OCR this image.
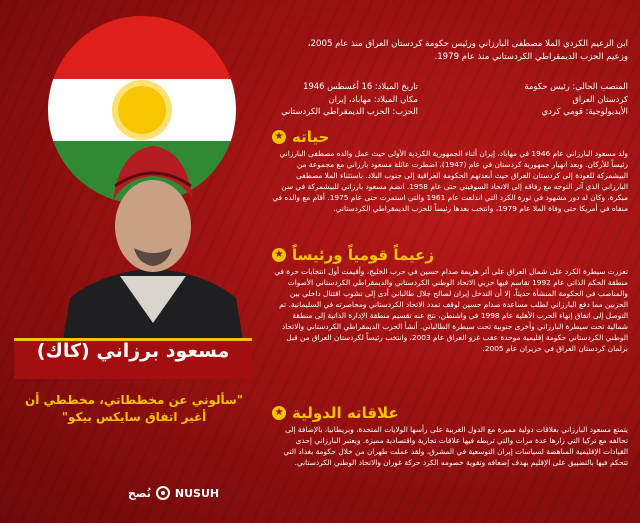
ابن الزعيم الكردي الملا مصطفى البارزاني ورئيس حكومة كردستان العراق منذ عام 2005، وزعيم الحزب الديمقراطي الكردستاني منذ عام 1979.
تاريخ الميلاد: 16 أغسطس 1946
مكان الميلاد: مهاباد، إيران
الحزب: الحزب الديمقراطي الكردستاني
المنصب الحالي: رئيس حكومة
كردستان العراق
الأيديولوجية: قومي كردي
★ حياته
ولد مسعود البارزاني عام 1946 في مهاباد، إيران أثناء الجمهورية الكردية الأولى حيث عمل والده مصطفى البارزاني رئيساً للأركان. وبعد انهيار جمهورية كردستان في عام (1947)، اضطرت عائلة مسعود بارزاني مع مجموعة من البيشمركة للعودة إلى كردستان العراق حيث أبعدتهم الحكومة العراقية إلى جنوب البلاد. باستثناء الملا مصطفى البارزاني الذي آثر التوجه مع رفاقه إلى الاتحاد السوفيتي حتى عام 1958. انضم مسعود بارزاني للبيشمركة في سن مبكرة، وكان له دور مشهود في ثورة الكرد التي اندلعت عام 1961 والتي استمرت حتى عام 1975. أقام مع والده في منفاه في أمريكا حتى وفاة الملا عام 1979، وانتخب بعدها رئيساً للحزب الديمقراطي الكردستاني.
★ زعيماً قومياً ورئيساً
تعززت سيطرة الكرد على شمال العراق على أثر هزيمة صدام حسين في حرب الخليج، وأقيمت أول انتخابات حرة في منطقة الحكم الذاتي عام 1992 تقاسم فيها حزبي الاتحاد الوطني الكردستاني والديمقراطي الكردستاني الأصوات والمناصب في الحكومة المنشأة حديثاً، إلا أن التدخل إيران لصالح جلال طالباني أدى إلى تشوب اقتتال داخلي بين الحزبين مما دفع البارزاني لطلب مساعدة صدام حسين لوقف تمدد الاتحاد الكردستاني ومحاصرته في السليمانية. تم التوصل إلى اتفاق إنهاء الحرب الأهلية عام 1998 في واشنطن، نتج عنه تقسيم منطقة الإدارة الذاتية إلى منطقة شمالية تحت سيطرة البارزاني وأخرى جنوبية تحت سيطرة الطالباني. أنشأ الحزب الديمقراطي الكردستاني والاتحاد الوطني الكردستاني حكومة إقليمية موحدة عقب غزو العراق عام 2003، وانتخب رئيساً لكردستان العراق من قبل برلمان كردستان العراق في حزيران عام 2005.
★ علاقاته الدولية
يتمتع مسعود البارزاني بعلاقات دولية مميزة مع الدول الغربية على رأسها الولايات المتحدة، وبريطانيا، بالإضافة إلى تحالفه مع تركيا التي زارها عدة مرات والتي تربطه فيها علاقات تجارية واقتصادية مميزة. ويعتبر البارزاني إحدى القيادات الإقليمية المناهضة لسياسات إيران التوسعية في المشرق، ولقد عملت طهران من خلال حكومة بغداد التي تتحكم فيها بالتضييق على الإقليم بهدف إضعافه وتقوية خصومه الكرد حركة غوران والاتحاد الوطني الكردستاني.
مسعود برزاني (كاك)
"سألوني عن مخططاتي، مخططي أن
أغير اتفاق سايكس بيكو"
نُصح NUSUH
